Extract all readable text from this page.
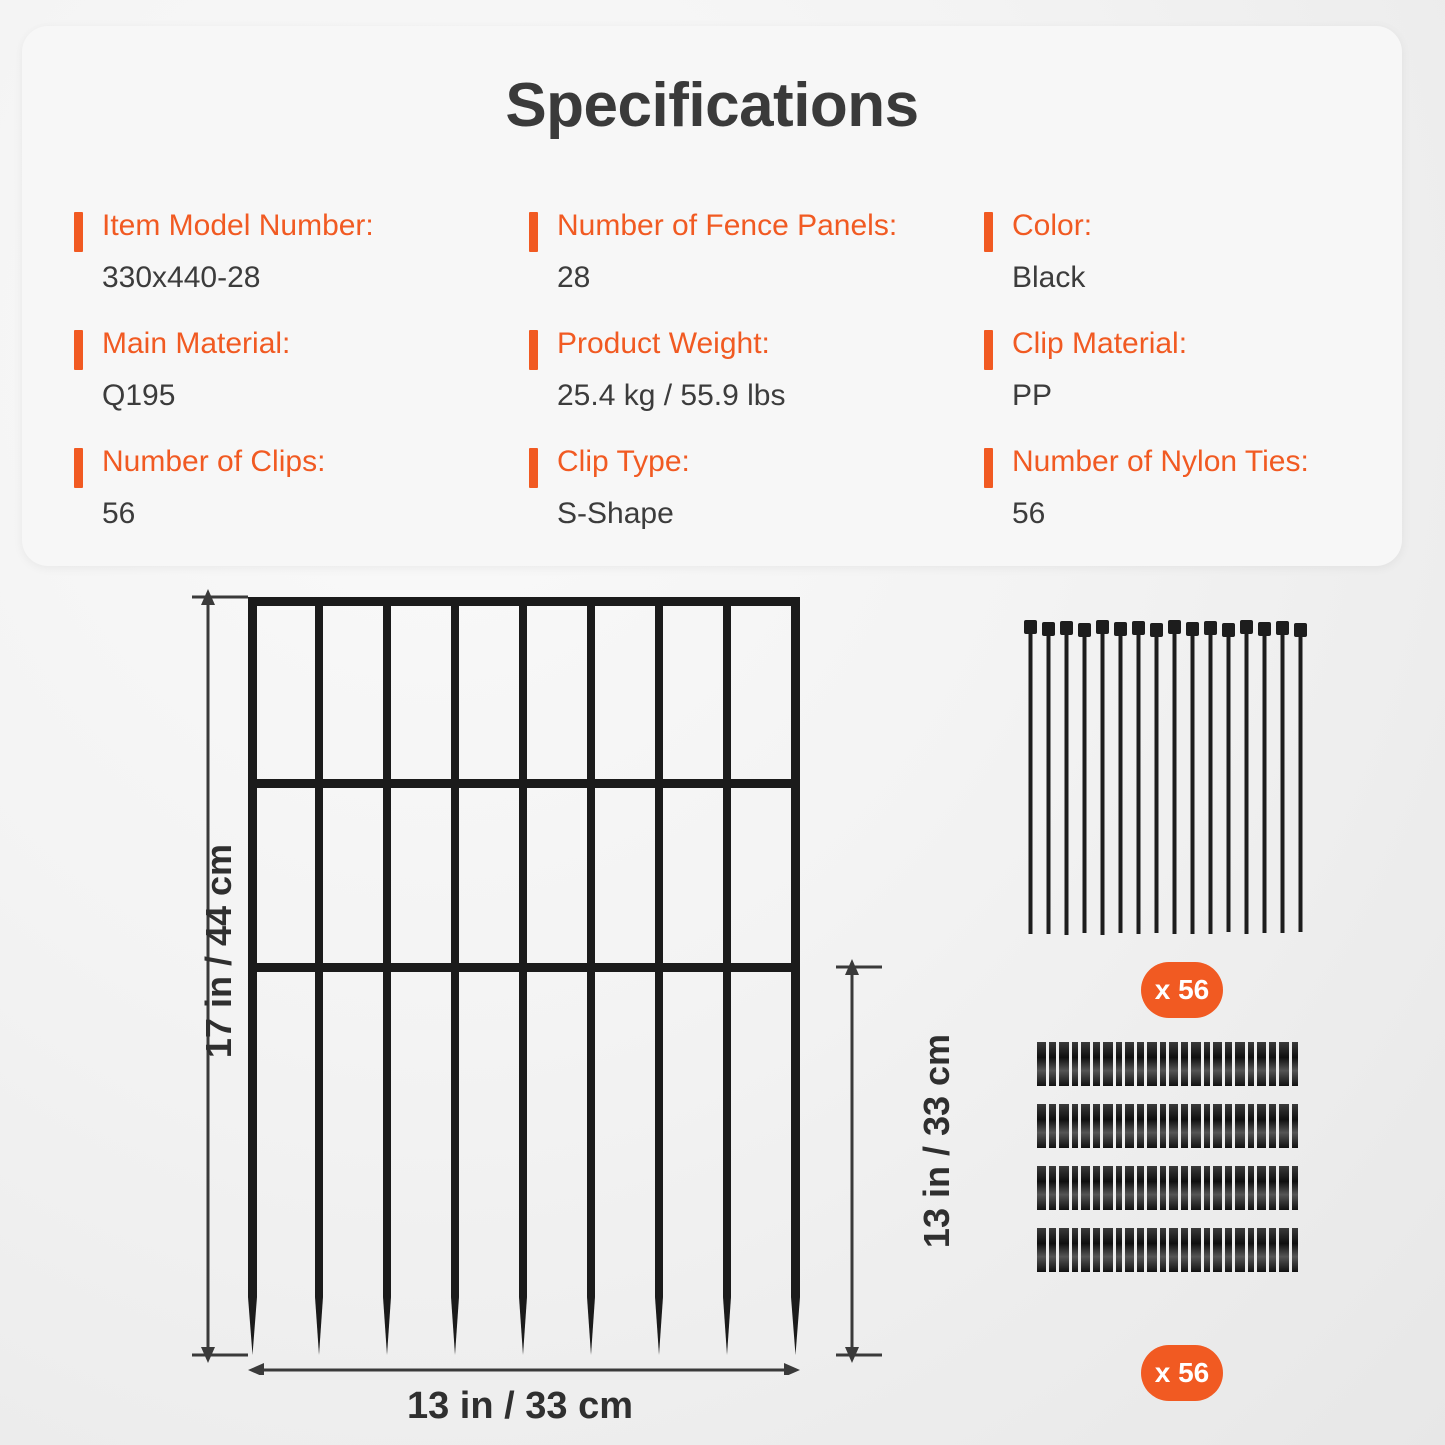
Specifications
Item Model Number:
330x440-28
Number of Fence Panels:
28
Color:
Black
Main Material:
Q195
Product Weight:
25.4 kg / 55.9 lbs
Clip Material:
PP
Number of Clips:
56
Clip Type:
S-Shape
Number of Nylon Ties:
56
17 in / 44 cm
13 in / 33 cm
13 in / 33 cm
x 56
x 56
